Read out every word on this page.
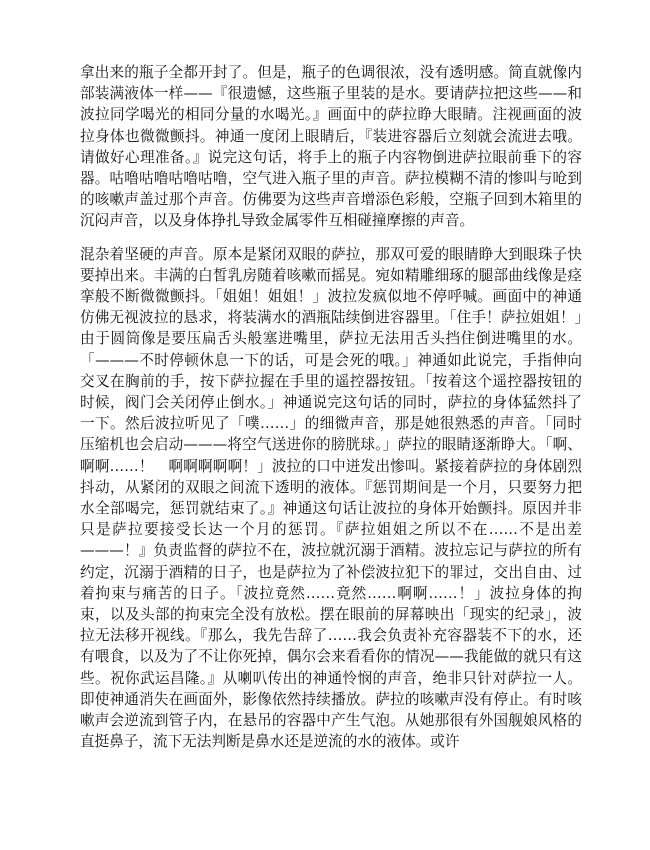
拿出来的瓶子全都开封了。但是，瓶子的色调很浓，没有透明感。简直就像内部装满液体一样——『很遗憾，这些瓶子里装的是水。要请萨拉把这些——和波拉同学喝光的相同分量的水喝光。』画面中的萨拉睁大眼睛。注视画面的波拉身体也微微颤抖。神通一度闭上眼睛后，『装进容器后立刻就会流进去哦。请做好心理准备。』说完这句话，将手上的瓶子内容物倒进萨拉眼前垂下的容器。咕噜咕噜咕噜咕噜，空气进入瓶子里的声音。萨拉模糊不清的惨叫与呛到的咳嗽声盖过那个声音。仿佛要为这些声音增添色彩般，空瓶子回到木箱里的沉闷声音，以及身体挣扎导致金属零件互相碰撞摩擦的声音。

混杂着坚硬的声音。原本是紧闭双眼的萨拉，那双可爱的眼睛睁大到眼珠子快要掉出来。丰满的白皙乳房随着咳嗽而摇晃。宛如精雕细琢的腿部曲线像是痉挛般不断微微颤抖。「姐姐！姐姐！」波拉发疯似地不停呼喊。画面中的神通仿佛无视波拉的恳求，将装满水的酒瓶陆续倒进容器里。「住手！萨拉姐姐！」由于圆筒像是要压扁舌头般塞进嘴里，萨拉无法用舌头挡住倒进嘴里的水。「———不时停顿休息一下的话，可是会死的哦。」神通如此说完，手指伸向交叉在胸前的手，按下萨拉握在手里的遥控器按钮。「按着这个遥控器按钮的时候，阀门会关闭停止倒水。」神通说完这句话的同时，萨拉的身体猛然抖了一下。然后波拉听见了「噗……」的细微声音，那是她很熟悉的声音。「同时压缩机也会启动———将空气送进你的膀胱球。」萨拉的眼睛逐渐睁大。「啊、啊啊……！　啊啊啊啊啊！」波拉的口中迸发出惨叫。紧接着萨拉的身体剧烈抖动，从紧闭的双眼之间流下透明的液体。『惩罚期间是一个月，只要努力把水全部喝完，惩罚就结束了。』神通这句话让波拉的身体开始颤抖。原因并非只是萨拉要接受长达一个月的惩罚。『萨拉姐姐之所以不在……不是出差———！』负责监督的萨拉不在，波拉就沉溺于酒精。波拉忘记与萨拉的所有约定，沉溺于酒精的日子，也是萨拉为了补偿波拉犯下的罪过，交出自由、过着拘束与痛苦的日子。「波拉竟然……竟然……啊啊……！」波拉身体的拘束，以及头部的拘束完全没有放松。摆在眼前的屏幕映出「现实的纪录」，波拉无法移开视线。『那么，我先告辞了……我会负责补充容器装不下的水，还有喂食，以及为了不让你死掉，偶尔会来看看你的情况——我能做的就只有这些。祝你武运昌隆。』从喇叭传出的神通怜悯的声音，绝非只针对萨拉一人。即使神通消失在画面外，影像依然持续播放。萨拉的咳嗽声没有停止。有时咳嗽声会逆流到管子内，在悬吊的容器中产生气泡。从她那很有外国舰娘风格的直挺鼻子，流下无法判断是鼻水还是逆流的水的液体。或许
